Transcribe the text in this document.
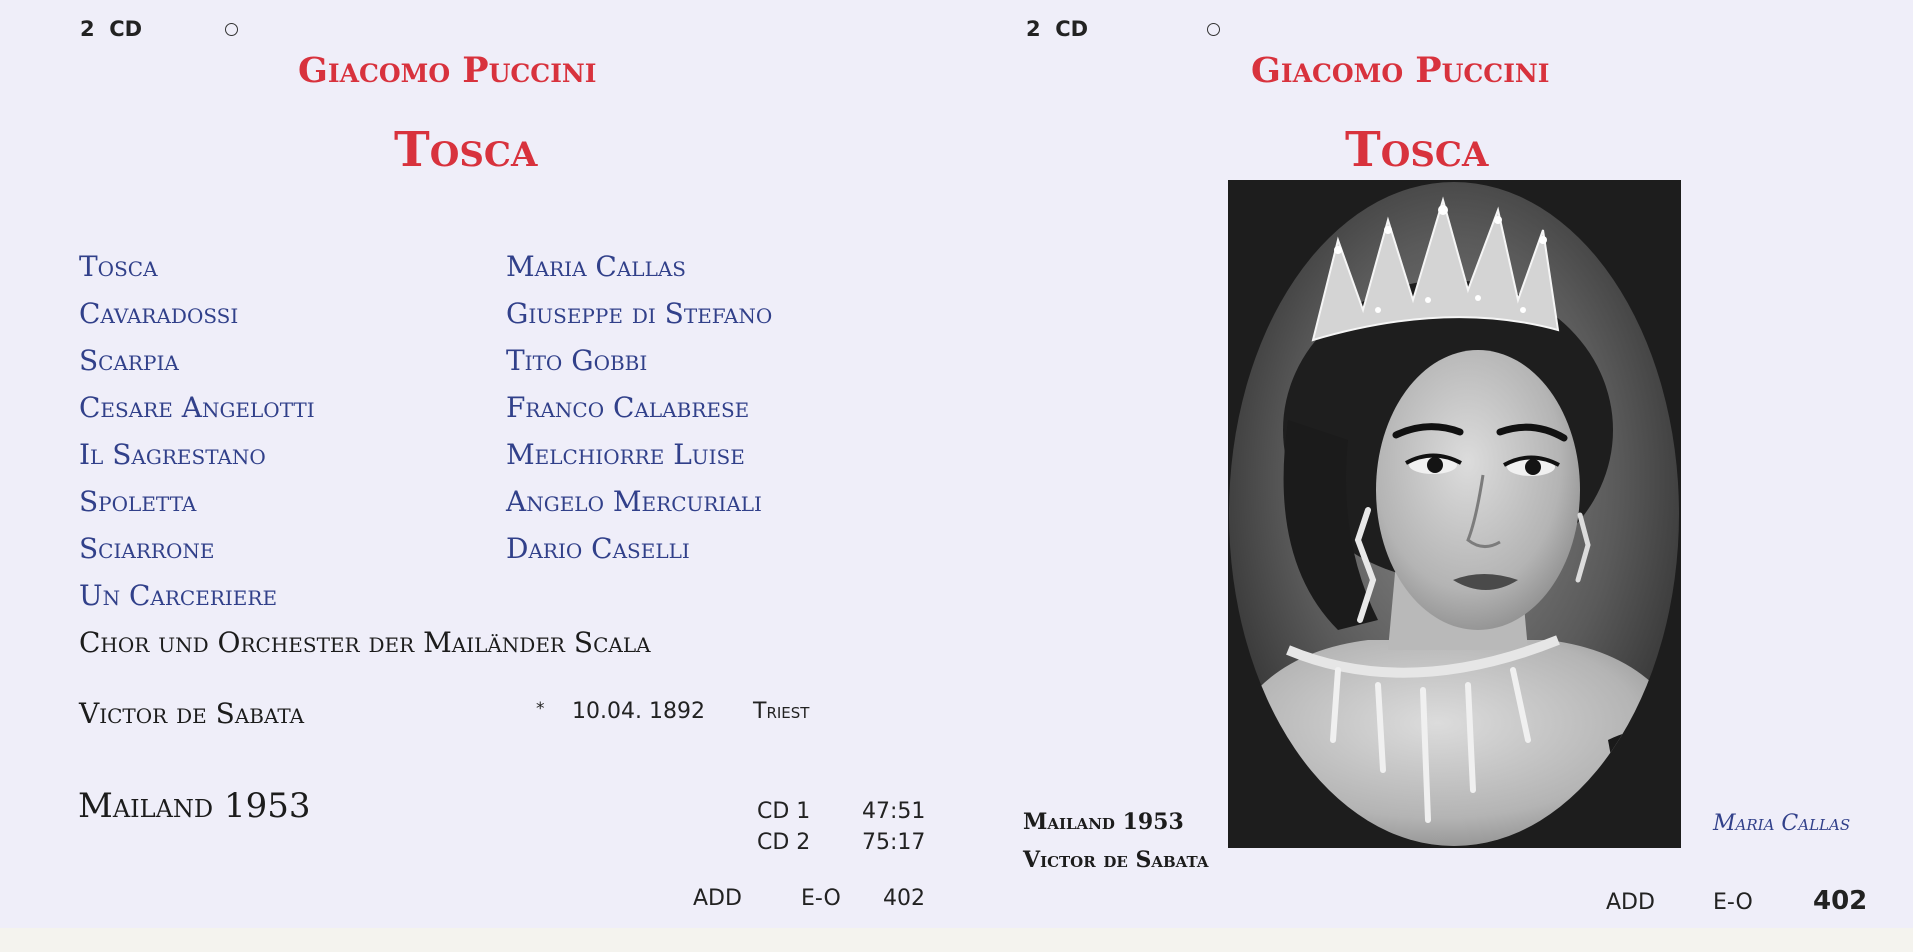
2 CD
Giacomo Puccini
Tosca
Tosca	Maria Callas
Cavaradossi	Giuseppe di Stefano
Scarpia	Tito Gobbi
Cesare Angelotti	Franco Calabrese
Il Sagrestano	Melchiorre Luise
Spoletta	Angelo Mercuriali
Sciarrone	Dario Caselli
Un Carceriere
Chor und Orchester der Mailänder Scala
Victor de Sabata	* 10.04. 1892 Triest
Mailand 1953	CD 1 47:51
CD 2 75:17
ADD	E-O 402
2 CD
Giacomo Puccini
Tosca
Mailand 1953
Victor de Sabata
Maria Callas
ADD	E-O 402
